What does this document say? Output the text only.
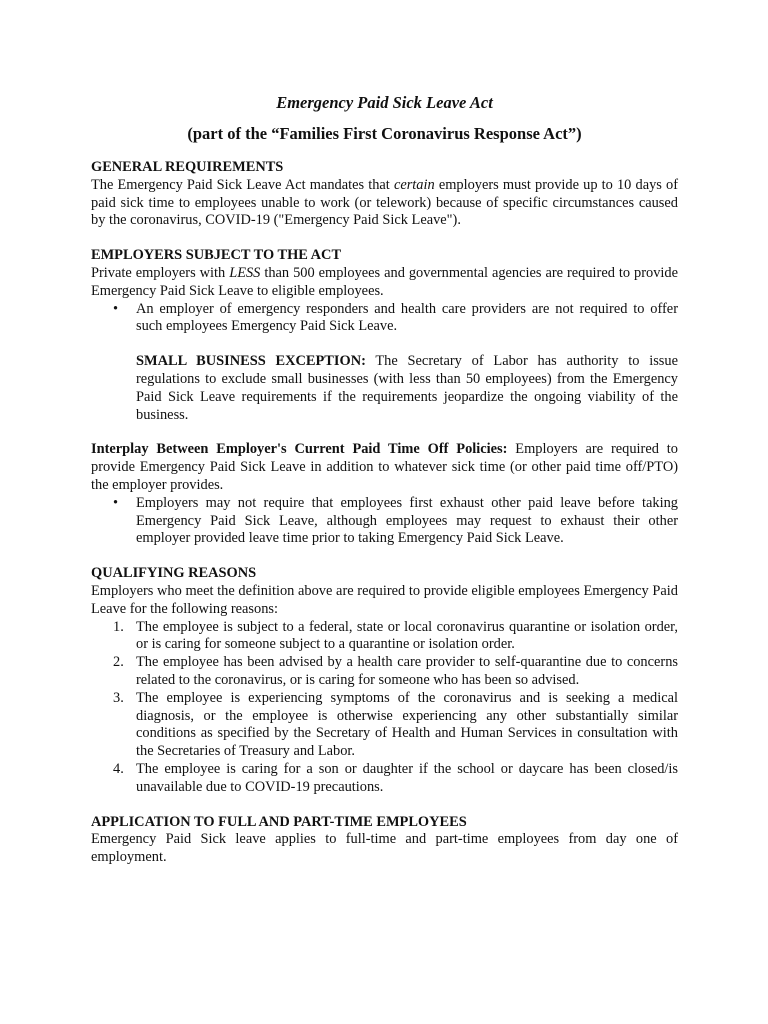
Emergency Paid Sick Leave Act
(part of the “Families First Coronavirus Response Act”)
GENERAL REQUIREMENTS

The Emergency Paid Sick Leave Act mandates that certain employers must provide up to 10 days of paid sick time to employees unable to work (or telework) because of specific circumstances caused by the coronavirus, COVID-19 ("Emergency Paid Sick Leave").

EMPLOYERS SUBJECT TO THE ACT

Private employers with LESS than 500 employees and governmental agencies are required to provide Emergency Paid Sick Leave to eligible employees.

• An employer of emergency responders and health care providers are not required to offer such employees Emergency Paid Sick Leave.
SMALL BUSINESS EXCEPTION: The Secretary of Labor has authority to issue regulations to exclude small businesses (with less than 50 employees) from the Emergency Paid Sick Leave requirements if the requirements jeopardize the ongoing viability of the business.

Interplay Between Employer's Current Paid Time Off Policies: Employers are required to provide Emergency Paid Sick Leave in addition to whatever sick time (or other paid time off/PTO) the employer provides.

• Employers may not require that employees first exhaust other paid leave before taking Emergency Paid Sick Leave, although employees may request to exhaust their other employer provided leave time prior to taking Emergency Paid Sick Leave.
QUALIFYING REASONS

Employers who meet the definition above are required to provide eligible employees Emergency Paid Leave for the following reasons:

1. The employee is subject to a federal, state or local coronavirus quarantine or isolation order, or is caring for someone subject to a quarantine or isolation order.
2. The employee has been advised by a health care provider to self-quarantine due to concerns related to the coronavirus, or is caring for someone who has been so advised.
3. The employee is experiencing symptoms of the coronavirus and is seeking a medical diagnosis, or the employee is otherwise experiencing any other substantially similar conditions as specified by the Secretary of Health and Human Services in consultation with the Secretaries of Treasury and Labor.
4. The employee is caring for a son or daughter if the school or daycare has been closed/is unavailable due to COVID-19 precautions.
APPLICATION TO FULL AND PART-TIME EMPLOYEES

Emergency Paid Sick leave applies to full-time and part-time employees from day one of employment.
